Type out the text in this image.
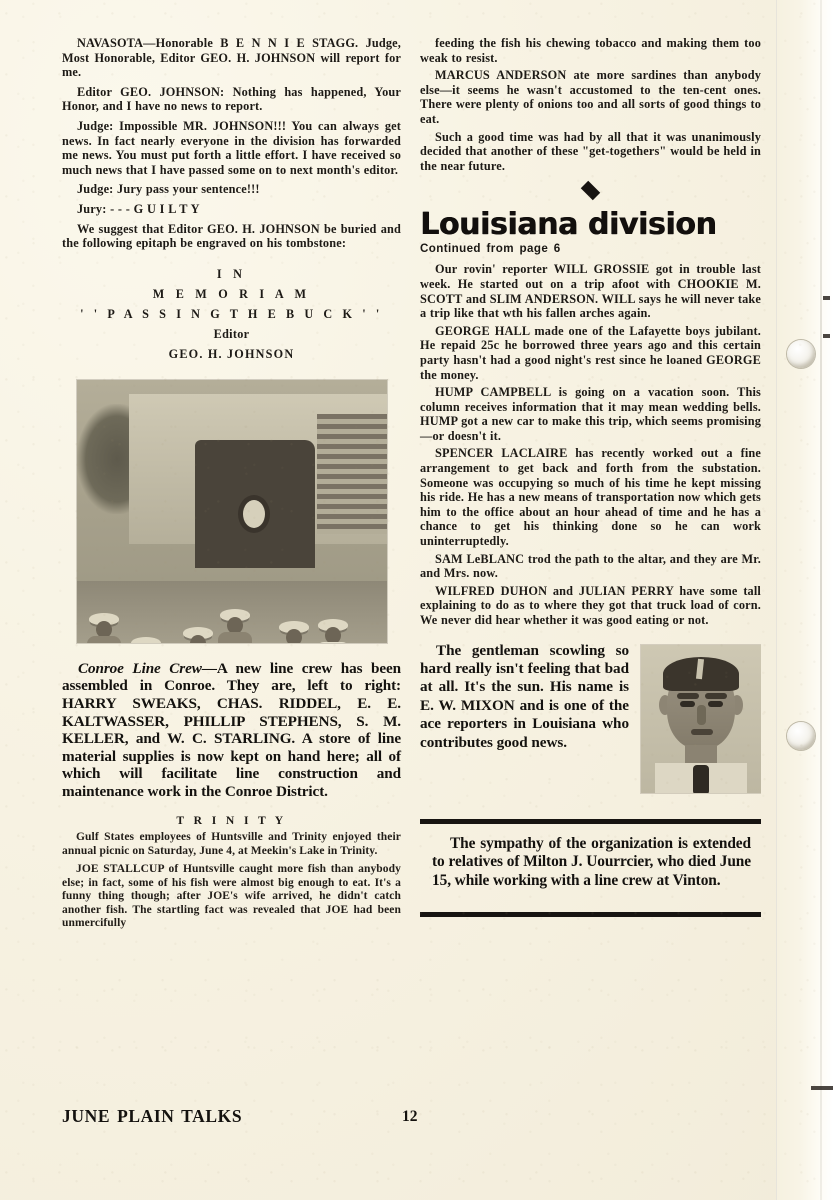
NAVASOTA—Honorable B E N N I E STAGG. Judge, Most Honorable, Editor GEO. H. JOHNSON will report for me.

Editor GEO. JOHNSON: Nothing has happened, Your Honor, and I have no news to report.

Judge: Impossible MR. JOHNSON!!! You can always get news. In fact nearly everyone in the division has forwarded me news. You must put forth a little effort. I have received so much news that I have passed some on to next month's editor.

Judge: Jury pass your sentence!!!

Jury: - - - G U I L T Y

We suggest that Editor GEO. H. JOHNSON be buried and the following epitaph be engraved on his tombstone:

I N
M E M O R I A M
' ' P A S S I N G T H E B U C K ' '
Editor
GEO. H. JOHNSON

Conroe Line Crew—A new line crew has been assembled in Conroe. They are, left to right: HARRY SWEAKS, CHAS. RIDDEL, E. E. KALTWASSER, PHILLIP STEPHENS, S. M. KELLER, and W. C. STARLING. A store of line material supplies is now kept on hand here; all of which will facilitate line construction and maintenance work in the Conroe District.

T R I N I T Y

Gulf States employees of Huntsville and Trinity enjoyed their annual picnic on Saturday, June 4, at Meekin's Lake in Trinity.

JOE STALLCUP of Huntsville caught more fish than anybody else; in fact, some of his fish were almost big enough to eat. It's a funny thing though; after JOE's wife arrived, he didn't catch another fish. The startling fact was revealed that JOE had been unmercifully

feeding the fish his chewing tobacco and making them too weak to resist.

MARCUS ANDERSON ate more sardines than anybody else—it seems he wasn't accustomed to the ten-cent ones. There were plenty of onions too and all sorts of good things to eat.

Such a good time was had by all that it was unanimously decided that another of these "get-togethers" would be held in the near future.

Louisiana division
Continued from page 6

Our rovin' reporter WILL GROSSIE got in trouble last week. He started out on a trip afoot with CHOOKIE M. SCOTT and SLIM ANDERSON. WILL says he will never take a trip like that wth his fallen arches again.

GEORGE HALL made one of the Lafayette boys jubilant. He repaid 25c he borrowed three years ago and this certain party hasn't had a good night's rest since he loaned GEORGE the money.

HUMP CAMPBELL is going on a vacation soon. This column receives information that it may mean wedding bells. HUMP got a new car to make this trip, which seems promising—or doesn't it.

SPENCER LACLAIRE has recently worked out a fine arrangement to get back and forth from the substation. Someone was occupying so much of his time he kept missing his ride. He has a new means of transportation now which gets him to the office about an hour ahead of time and he has a chance to get his thinking done so he can work uninterruptedly.

SAM LeBLANC trod the path to the altar, and they are Mr. and Mrs. now.

WILFRED DUHON and JULIAN PERRY have some tall explaining to do as to where they got that truck load of corn. We never did hear whether it was good eating or not.

The gentleman scowling so hard really isn't feeling that bad at all. It's the sun. His name is E. W. MIXON and is one of the ace reporters in Louisiana who contributes good news.
The sympathy of the organization is extended to relatives of Milton J. Uourrcier, who died June 15, while working with a line crew at Vinton.
JUNE PLAIN TALKS	12
